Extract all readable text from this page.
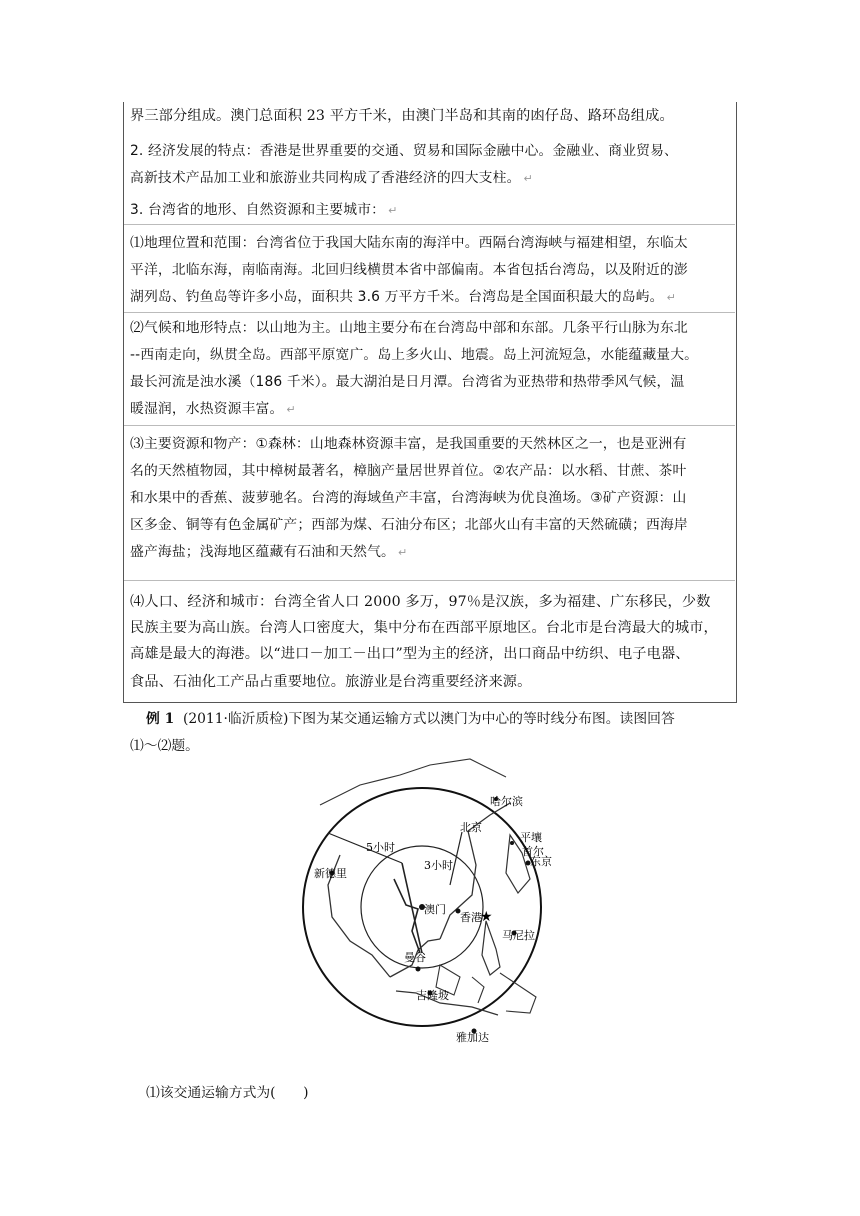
界三部分组成。澳门总面积 23 平方千米，由澳门半岛和其南的凼仔岛、路环岛组成。
2. 经济发展的特点：香港是世界重要的交通、贸易和国际金融中心。金融业、商业贸易、
高新技术产品加工业和旅游业共同构成了香港经济的四大支柱。 ↵
3. 台湾省的地形、自然资源和主要城市： ↵
⑴地理位置和范围：台湾省位于我国大陆东南的海洋中。西隔台湾海峡与福建相望，东临太
平洋，北临东海，南临南海。北回归线横贯本省中部偏南。本省包括台湾岛，以及附近的澎
湖列岛、钓鱼岛等许多小岛，面积共 3.6 万平方千米。台湾岛是全国面积最大的岛屿。 ↵
⑵气候和地形特点：以山地为主。山地主要分布在台湾岛中部和东部。几条平行山脉为东北
--西南走向，纵贯全岛。西部平原宽广。岛上多火山、地震。岛上河流短急，水能蕴藏量大。
最长河流是浊水溪（186 千米）。最大湖泊是日月潭。台湾省为亚热带和热带季风气候，温
暖湿润，水热资源丰富。 ↵
⑶主要资源和物产：①森林：山地森林资源丰富，是我国重要的天然林区之一，也是亚洲有
名的天然植物园，其中樟树最著名，樟脑产量居世界首位。②农产品：以水稻、甘蔗、茶叶
和水果中的香蕉、菠萝驰名。台湾的海域鱼产丰富，台湾海峡为优良渔场。③矿产资源：山
区多金、铜等有色金属矿产；西部为煤、石油分布区；北部火山有丰富的天然硫磺；西海岸
盛产海盐；浅海地区蕴藏有石油和天然气。 ↵
⑷人口、经济和城市：台湾全省人口 2000 多万，97％是汉族，多为福建、广东移民，少数
民族主要为高山族。台湾人口密度大，集中分布在西部平原地区。台北市是台湾最大的城市，
高雄是最大的海港。以“进口－加工－出口”型为主的经济，出口商品中纺织、电子电器、
食品、石油化工产品占重要地位。旅游业是台湾重要经济来源。
例 1 (2011·临沂质检)下图为某交通运输方式以澳门为中心的等时线分布图。读图回答
⑴～⑵题。
★
哈尔滨
北京
平壤
首尔
东京
5小时
3小时
新德里
澳门
香港
马尼拉
曼谷
吉隆坡
雅加达
⑴该交通运输方式为(　　)
